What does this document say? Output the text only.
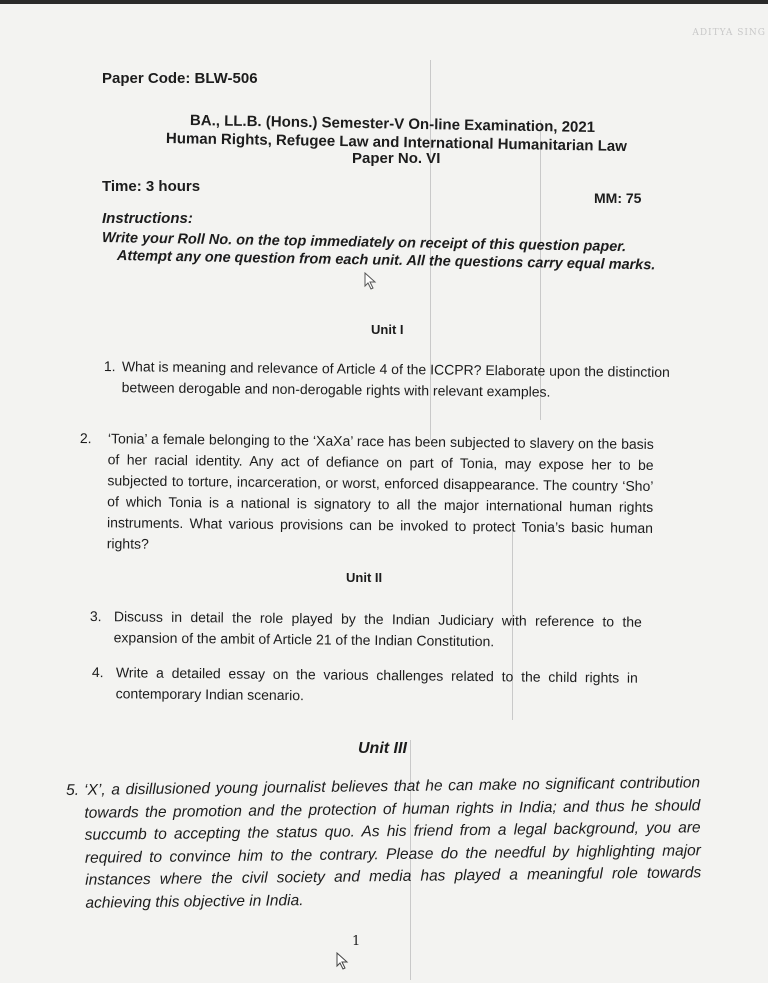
ADITYA SING
Paper Code: BLW-506
BA., LL.B. (Hons.) Semester-V On-line Examination, 2021
Human Rights, Refugee Law and International Humanitarian Law
Paper No. VI
Time: 3 hours
MM: 75
Instructions:
Write your Roll No. on the top immediately on receipt of this question paper.
Attempt any one question from each unit. All the questions carry equal marks.
Unit I
1. What is meaning and relevance of Article 4 of the ICCPR? Elaborate upon the distinction between derogable and non-derogable rights with relevant examples.
2.	‘Tonia’ a female belonging to the ‘XaXa’ race has been subjected to slavery on the basis of her racial identity. Any act of defiance on part of Tonia, may expose her to be subjected to torture, incarceration, or worst, enforced disappearance. The country ‘Sho’ of which Tonia is a national is signatory to all the major international human rights instruments. What various provisions can be invoked to protect Tonia’s basic human rights?
Unit II
3. Discuss in detail the role played by the Indian Judiciary with reference to the expansion of the ambit of Article 21 of the Indian Constitution.
4. Write a detailed essay on the various challenges related to the child rights in contemporary Indian scenario.
Unit III
5. ‘X’, a disillusioned young journalist believes that he can make no significant contribution towards the promotion and the protection of human rights in India; and thus he should succumb to accepting the status quo. As his friend from a legal background, you are required to convince him to the contrary. Please do the needful by highlighting major instances where the civil society and media has played a meaningful role towards achieving this objective in India.
1
